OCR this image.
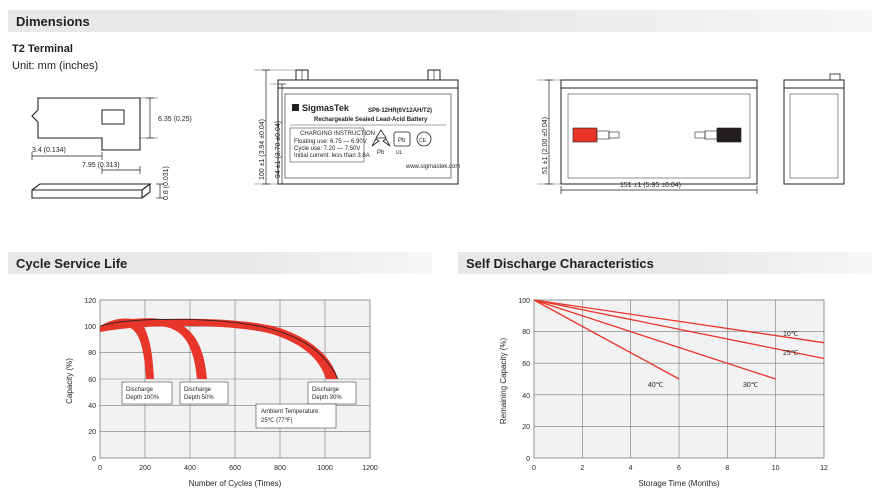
Dimensions
T2 Terminal
Unit: mm (inches)
6.35 (0.25)
3.4 (0.134)
7.95 (0.313)
0.8 (0.031)
SigmasTek	SP6-12HR(6V12AH/T2)
Rechargeable Sealed Lead-Acid Battery
CHARGING INSTRUCTION
Floating use: 6.75 — 6.90V
Cycle use: 7.20 — 7.50V
Initial current: less than 3.6A Pb
Pb
UL
CE
www.sigmastek.com
100 ±1 (3.94 ±0.04) 94 ±1 (3.70 ±0.04)
151 ±1 (5.95 ±0.04)
51 ±1 (2.00 ±0.04)
Cycle Service Life
Discharge
Depth 100%
Discharge
Depth 50%
Discharge
Depth 30%
Ambient Temperature:
25℃ (77℉)
120
100
80
60
40
20
0
0	200	400	600	800	1000	1200
Number of Cycles (Times)
Capacity (%)
Self Discharge Characteristics
10℃
25℃
30℃
40℃
100
80
60
40
20
0
0	2	4	6	8	10	12
Storage Time (Months)
Remaining Capacity (%)
